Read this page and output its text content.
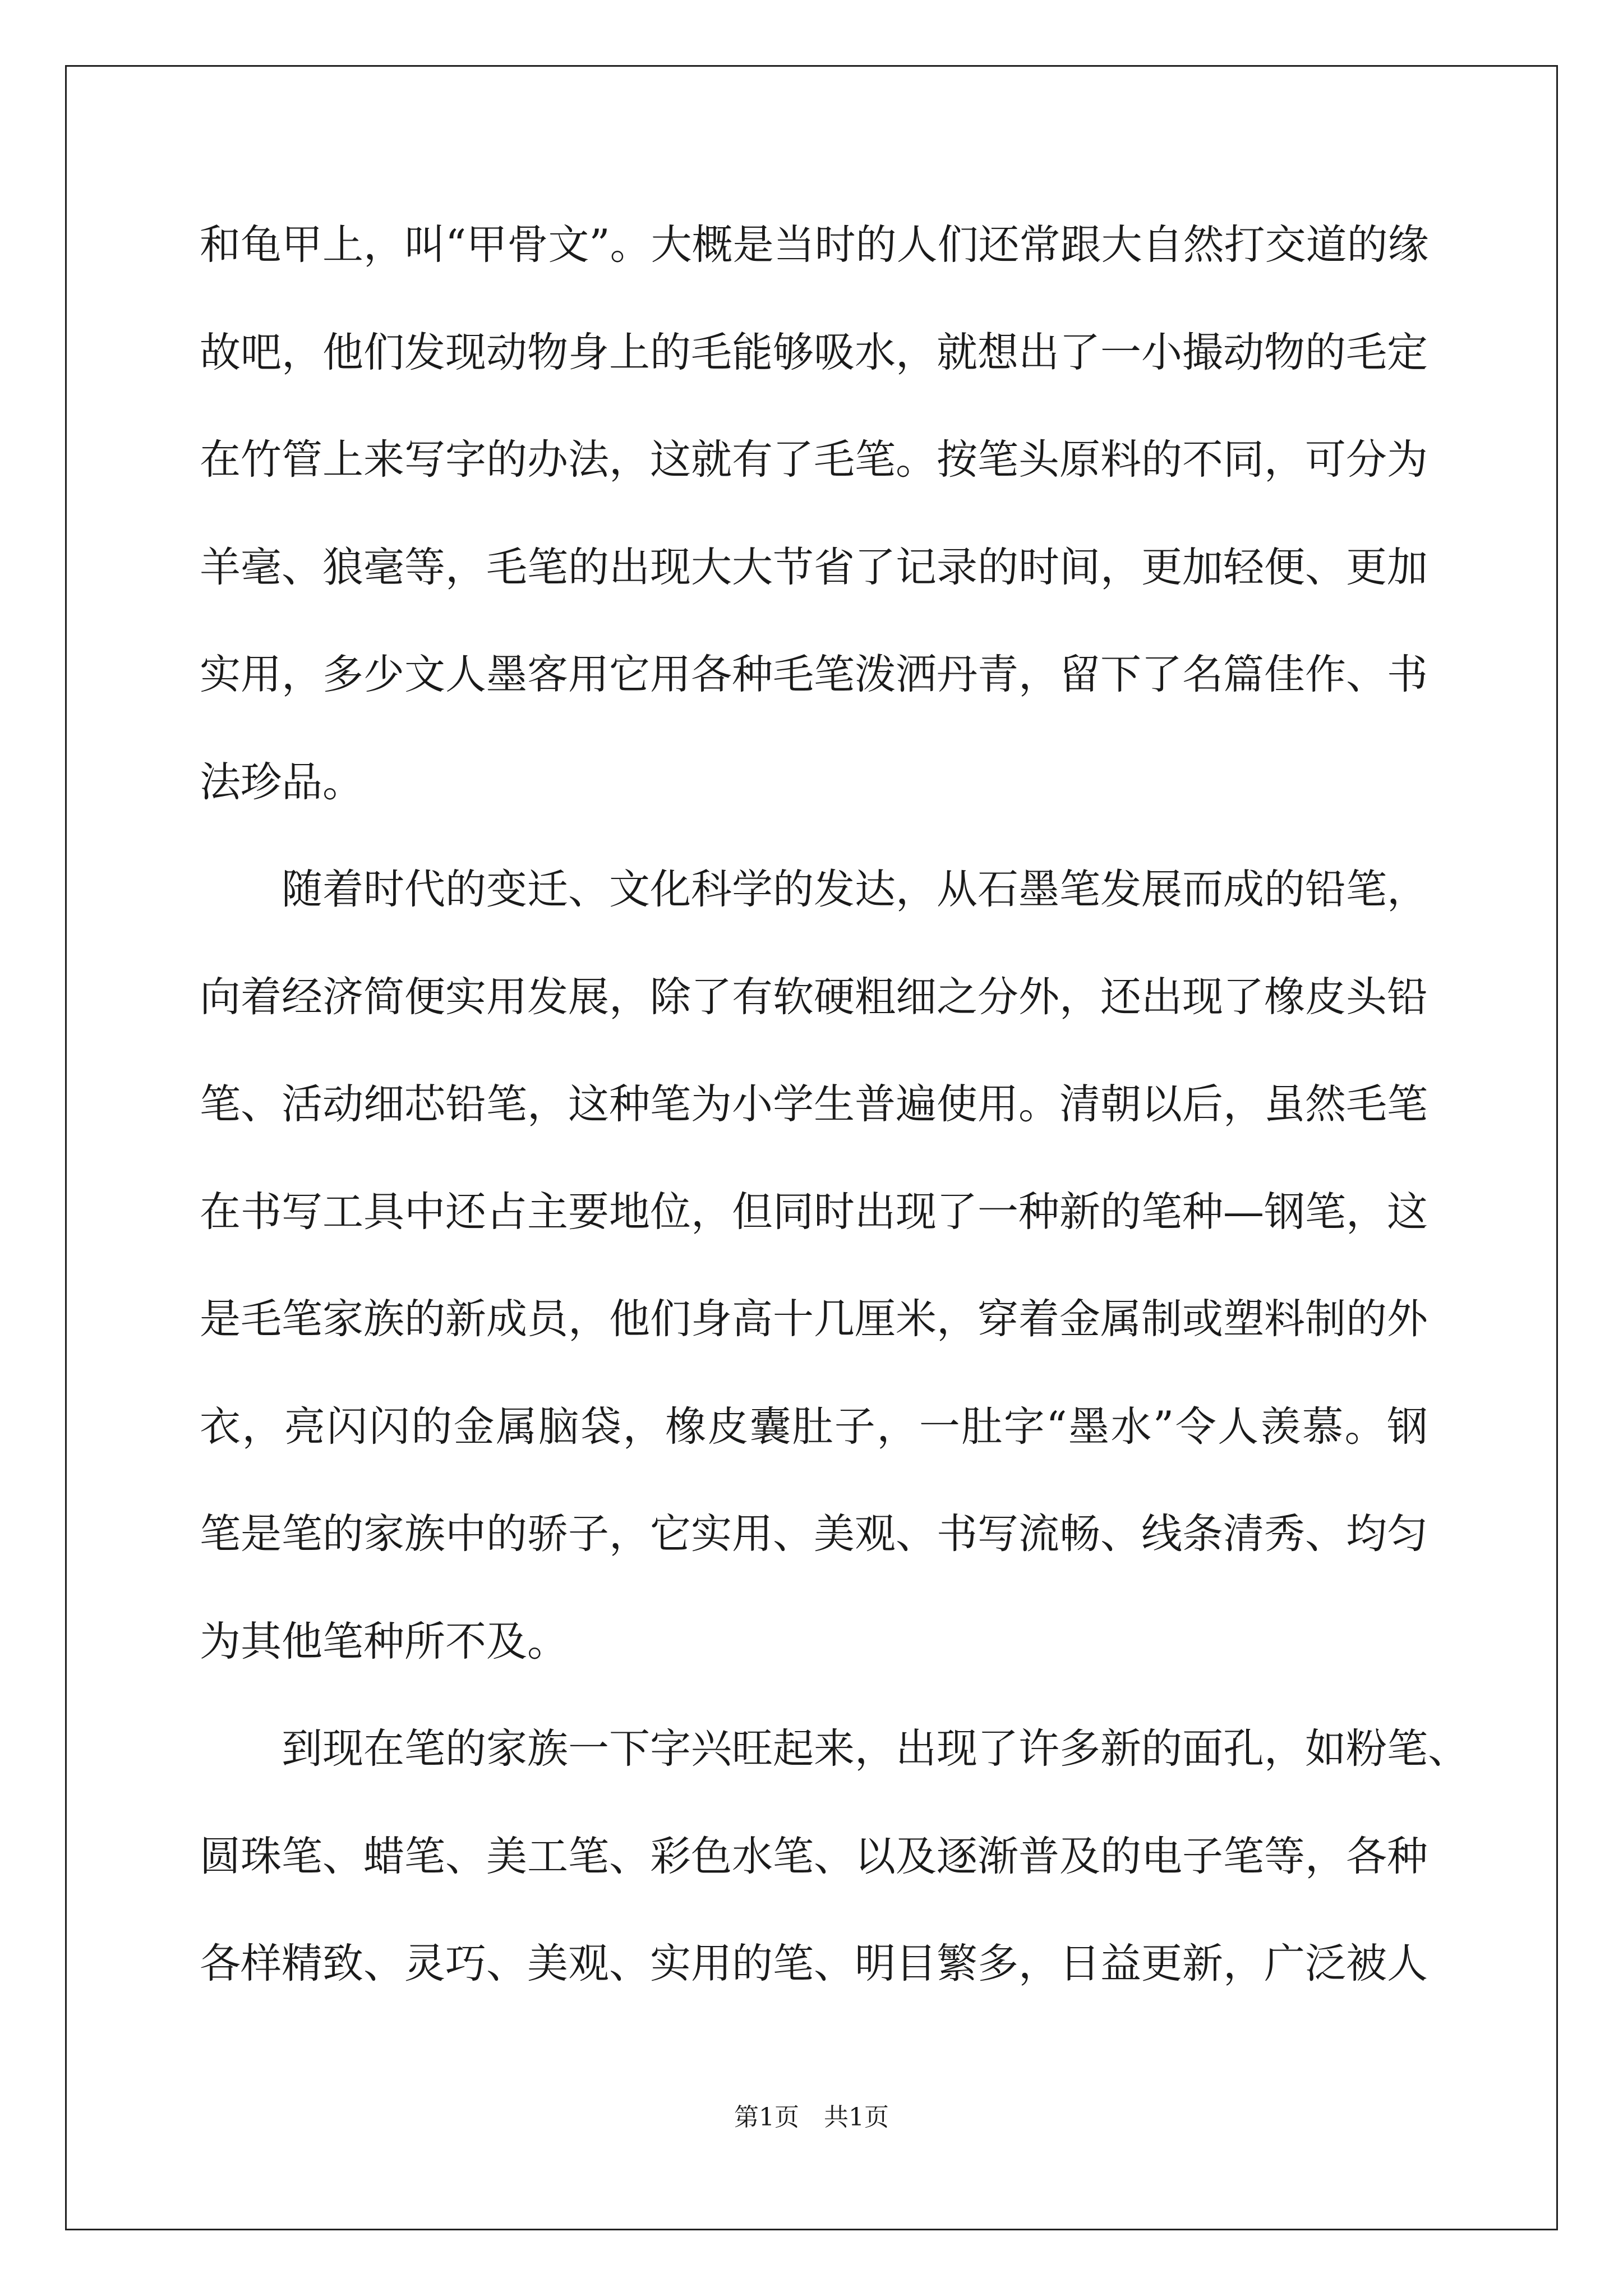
和龟甲上，叫“甲骨文”。大概是当时的人们还常跟大自然打交道的缘
故吧，他们发现动物身上的毛能够吸水，就想出了一小撮动物的毛定
在竹管上来写字的办法，这就有了毛笔。按笔头原料的不同，可分为
羊毫、狼毫等，毛笔的出现大大节省了记录的时间，更加轻便、更加
实用，多少文人墨客用它用各种毛笔泼洒丹青，留下了名篇佳作、书
法珍品。
随着时代的变迁、文化科学的发达，从石墨笔发展而成的铅笔，
向着经济简便实用发展，除了有软硬粗细之分外，还出现了橡皮头铅
笔、活动细芯铅笔，这种笔为小学生普遍使用。清朝以后，虽然毛笔
在书写工具中还占主要地位，但同时出现了一种新的笔种—钢笔，这
是毛笔家族的新成员，他们身高十几厘米，穿着金属制或塑料制的外
衣，亮闪闪的金属脑袋，橡皮囊肚子，一肚字“墨水”令人羡慕。钢
笔是笔的家族中的骄子，它实用、美观、书写流畅、线条清秀、均匀
为其他笔种所不及。
到现在笔的家族一下字兴旺起来，出现了许多新的面孔，如粉笔、
圆珠笔、蜡笔、美工笔、彩色水笔、以及逐渐普及的电子笔等，各种
各样精致、灵巧、美观、实用的笔、明目繁多，日益更新，广泛被人
第1页 共1页
